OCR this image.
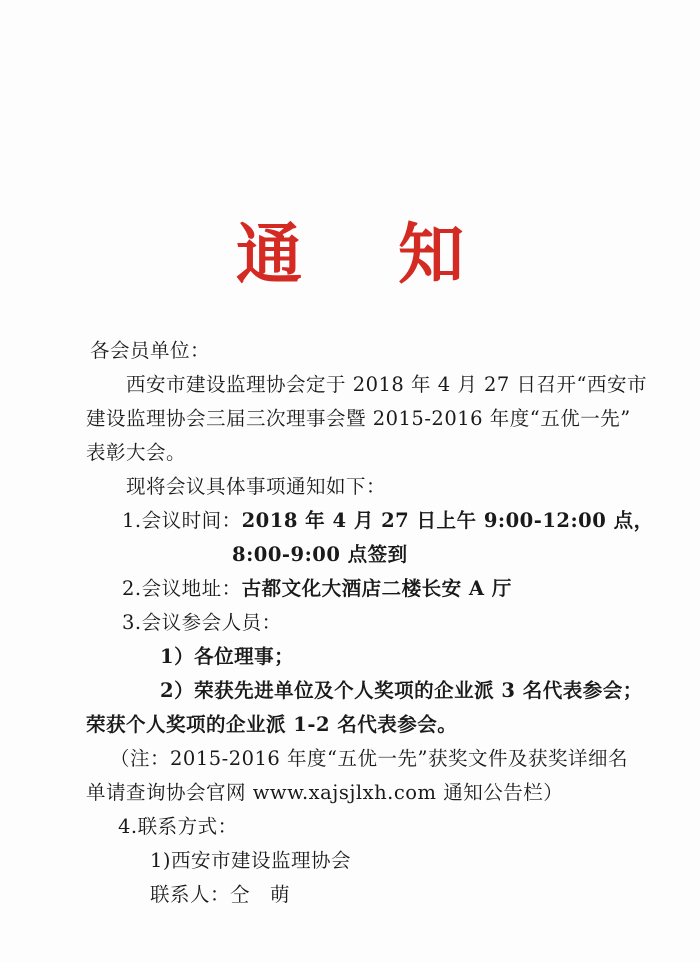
通 知
各会员单位：
西安市建设监理协会定于 2018 年 4 月 27 日召开“西安市
建设监理协会三届三次理事会暨 2015-2016 年度“五优一先”
表彰大会。
现将会议具体事项通知如下：
1.会议时间：2018 年 4 月 27 日上午 9:00-12:00 点，
8:00-9:00 点签到
2.会议地址：古都文化大酒店二楼长安 A 厅
3.会议参会人员：
1）各位理事；
2）荣获先进单位及个人奖项的企业派 3 名代表参会；
荣获个人奖项的企业派 1-2 名代表参会。
（注：2015-2016 年度“五优一先”获奖文件及获奖详细名
单请查询协会官网 www.xajsjlxh.com 通知公告栏）
4.联系方式：
1)西安市建设监理协会
联系人：仝　萌
